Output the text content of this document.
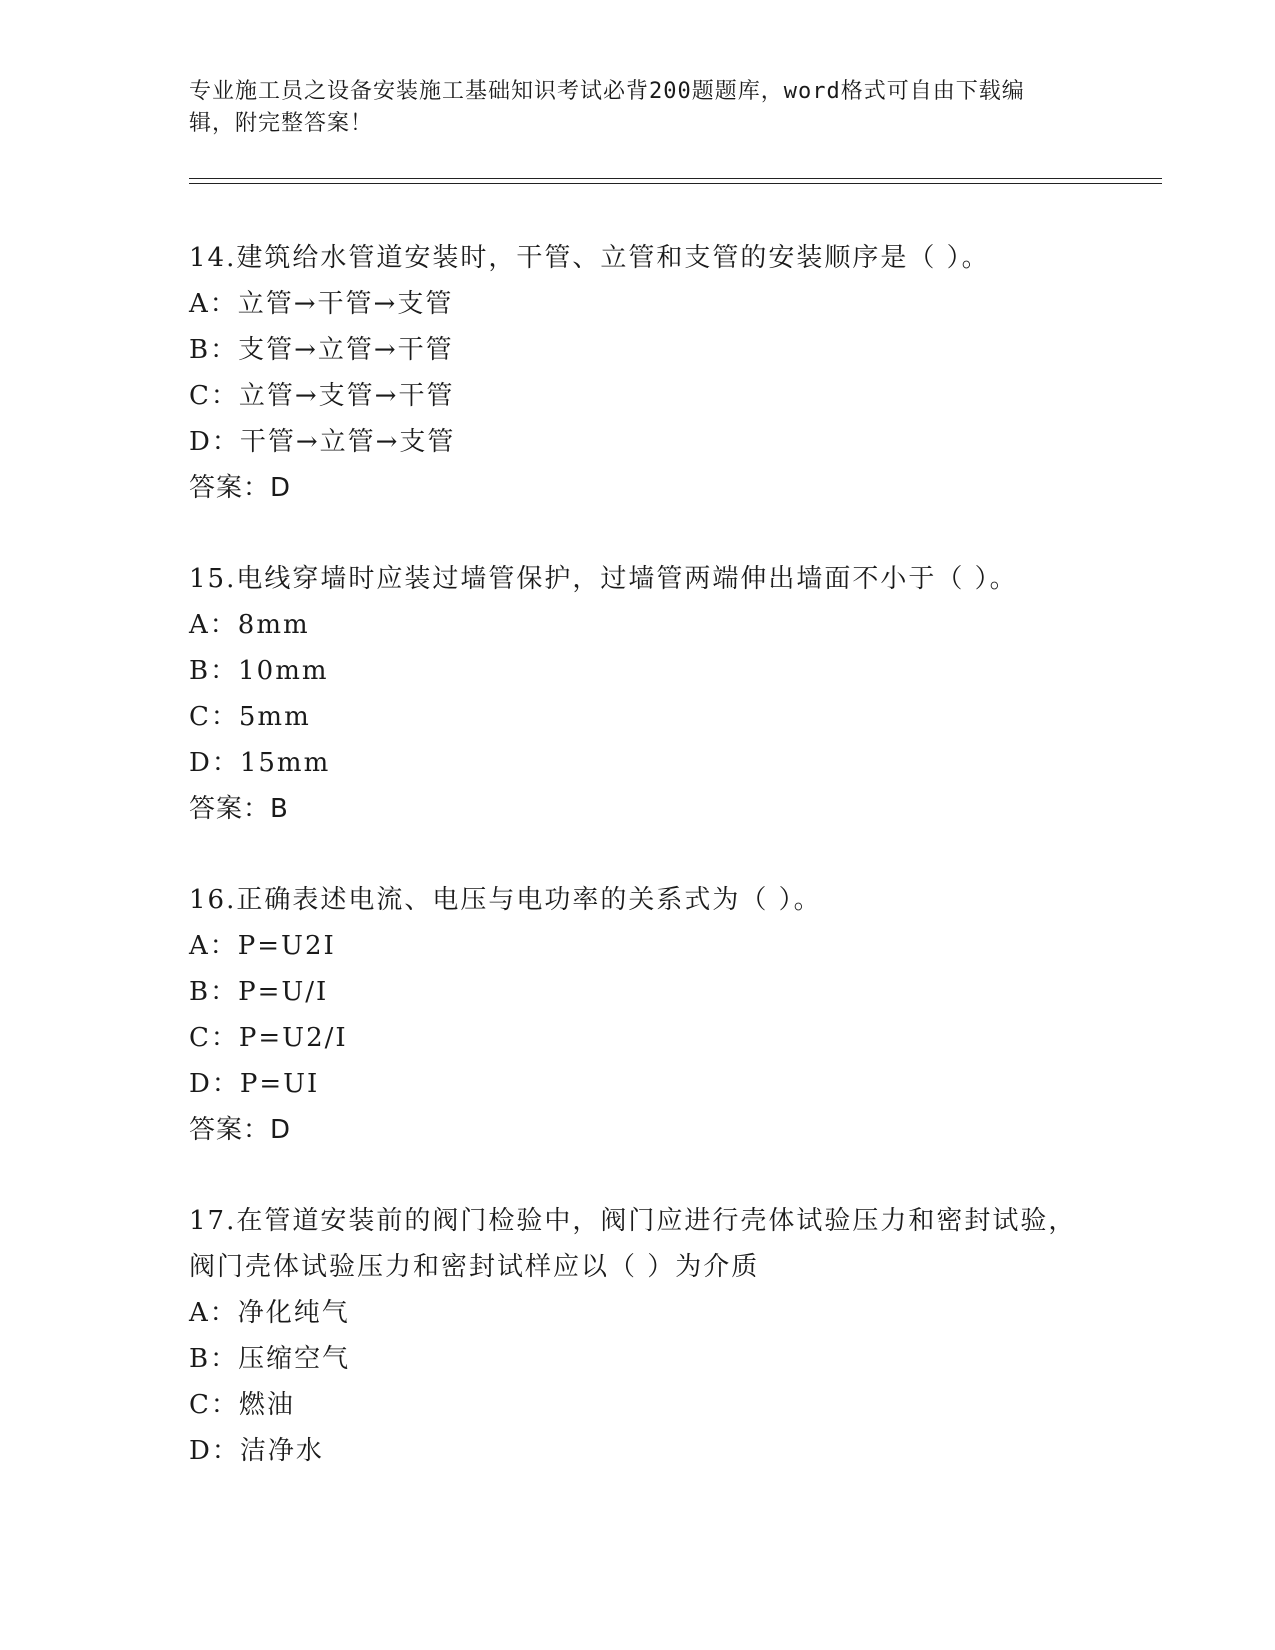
专业施工员之设备安装施工基础知识考试必背200题题库，word格式可自由下载编辑，附完整答案！

14.建筑给水管道安装时，干管、立管和支管的安装顺序是（ ）。

A：立管→干管→支管

B：支管→立管→干管

C：立管→支管→干管

D：干管→立管→支管

答案：D

15.电线穿墙时应装过墙管保护，过墙管两端伸出墙面不小于（ ）。

A：8mm

B：10mm

C：5mm

D：15mm

答案：B

16.正确表述电流、电压与电功率的关系式为（ ）。

A：P=U2I

B：P=U/I

C：P=U2/I

D：P=UI

答案：D

17.在管道安装前的阀门检验中，阀门应进行壳体试验压力和密封试验，阀门壳体试验压力和密封试样应以（ ）为介质

A：净化纯气

B：压缩空气

C：燃油

D：洁净水
